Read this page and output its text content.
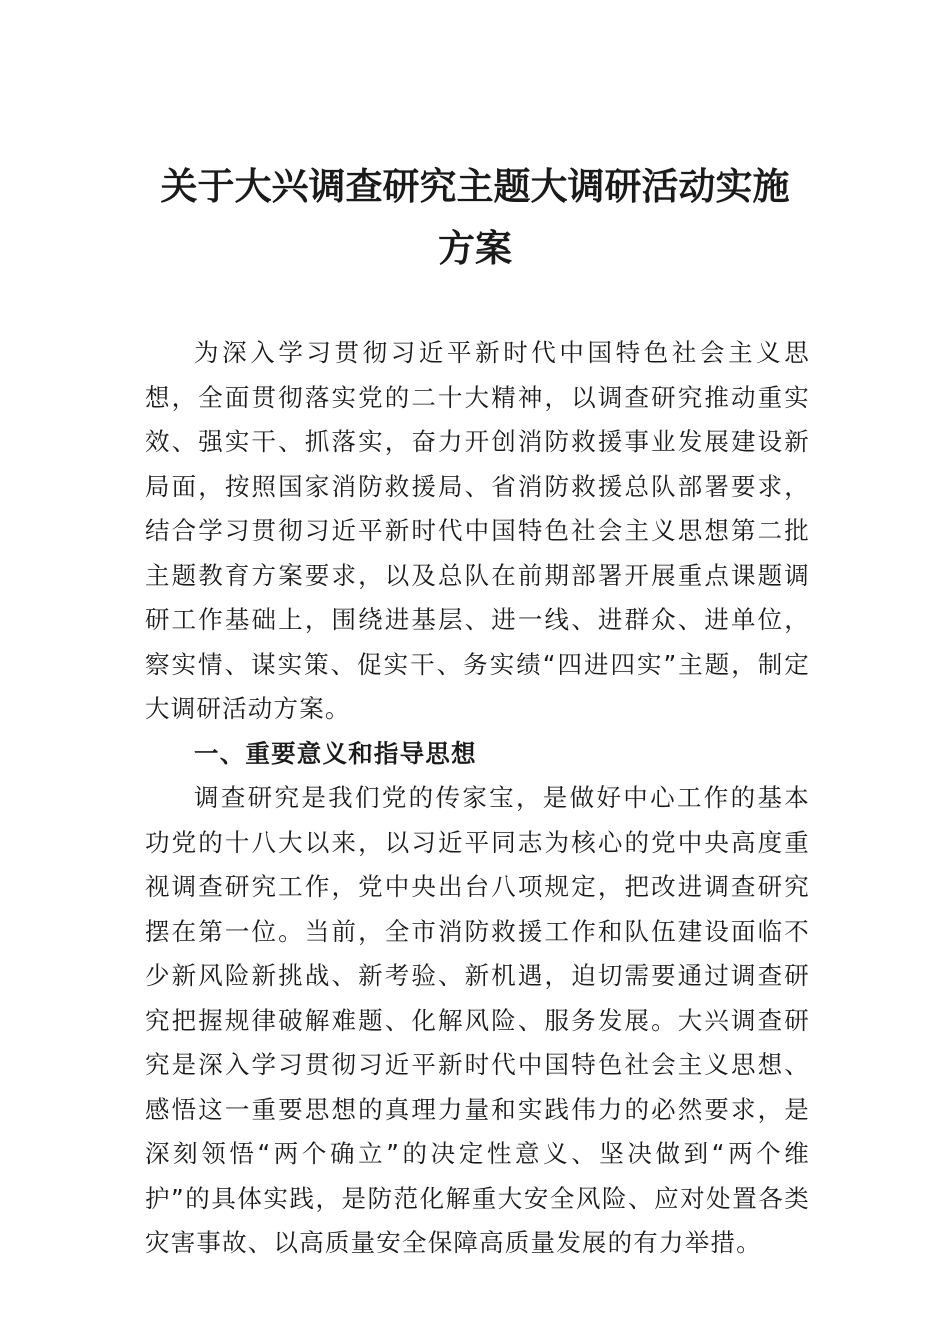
关于大兴调查研究主题大调研活动实施方案

为深入学习贯彻习近平新时代中国特色社会主义思想，全面贯彻落实党的二十大精神，以调查研究推动重实效、强实干、抓落实，奋力开创消防救援事业发展建设新局面，按照国家消防救援局、省消防救援总队部署要求，结合学习贯彻习近平新时代中国特色社会主义思想第二批主题教育方案要求，以及总队在前期部署开展重点课题调研工作基础上，围绕进基层、进一线、进群众、进单位，察实情、谋实策、促实干、务实绩“四进四实”主题，制定大调研活动方案。

一、重要意义和指导思想

调查研究是我们党的传家宝，是做好中心工作的基本功党的十八大以来，以习近平同志为核心的党中央高度重视调查研究工作，党中央出台八项规定，把改进调查研究摆在第一位。当前，全市消防救援工作和队伍建设面临不少新风险新挑战、新考验、新机遇，迫切需要通过调查研究把握规律破解难题、化解风险、服务发展。大兴调查研究是深入学习贯彻习近平新时代中国特色社会主义思想、感悟这一重要思想的真理力量和实践伟力的必然要求，是深刻领悟“两个确立”的决定性意义、坚决做到“两个维护”的具体实践，是防范化解重大安全风险、应对处置各类灾害事故、以高质量安全保障高质量发展的有力举措。
